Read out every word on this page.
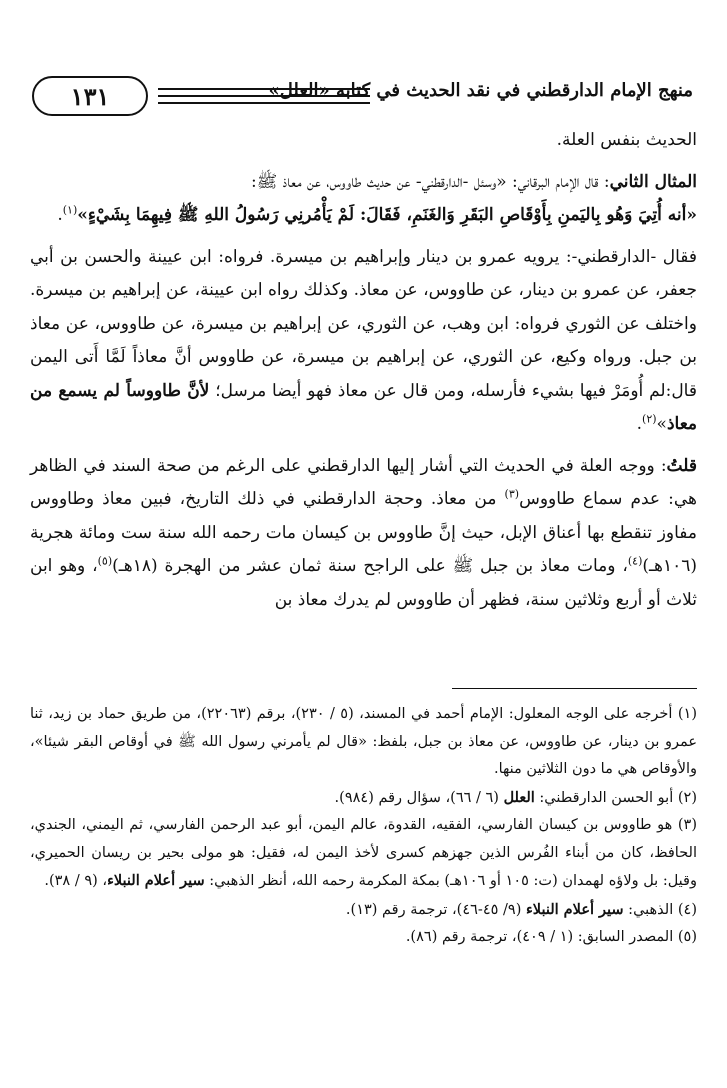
منهج الإمام الدارقطني في نقد الحديث في كتابه «العلل»
١٣١

الحديث بنفس العلة.

المثال الثاني: قال الإمام البرقاني: «وسئل -الدارقطني- عن حديث طاووس، عن معاذ ﷺ:
«أنه أُتِيَ وَهُو بِاليَمنِ بِأَوْقَاصِ البَقَرِ وَالغَنَمِ، فَقَالَ: لَمْ يَأْمُرنِي رَسُولُ اللهِ ﷺ فِيهِمَا بِشَيْءٍ»$^{(١)}$.

فقال -الدارقطني-: يرويه عمرو بن دينار وإبراهيم بن ميسرة. فرواه: ابن عيينة والحسن بن أبي جعفر، عن عمرو بن دينار، عن طاووس، عن معاذ. وكذلك رواه ابن عيينة، عن إبراهيم بن ميسرة. واختلف عن الثوري فرواه: ابن وهب، عن الثوري، عن إبراهيم بن ميسرة، عن طاووس، عن معاذ بن جبل. ورواه وكيع، عن الثوري، عن إبراهيم بن ميسرة، عن طاووس أنَّ معاذاً لَمَّا أَتى اليمن قال:لم أُومَرْ فيها بشيء فأرسله، ومن قال عن معاذ فهو أيضا مرسل؛ لأنَّ طاووساً لم يسمع من معاذ»$^{(٢)}$.

قلتُ: ووجه العلة في الحديث التي أشار إليها الدارقطني على الرغم من صحة السند في الظاهر هي: عدم سماع طاووس$^{(٣)}$ من معاذ. وحجة الدارقطني في ذلك التاريخ، فبين معاذ وطاووس مفاوز تنقطع بها أعناق الإبل، حيث إنَّ طاووس بن كيسان مات رحمه الله سنة ست ومائة هجرية (١٠٦هـ)$^{(٤)}$، ومات معاذ بن جبل ﷺ على الراجح سنة ثمان عشر من الهجرة (١٨هـ)$^{(٥)}$، وهو ابن ثلاث أو أربع وثلاثين سنة، فظهر أن طاووس لم يدرك معاذ بن

(١) أخرجه على الوجه المعلول: الإمام أحمد في المسند، (٥ / ٢٣٠)، برقم (٢٢٠٦٣)، من طريق حماد بن زيد، ثنا عمرو بن دينار، عن طاووس، عن معاذ بن جبل، بلفظ: «قال لم يأمرني رسول الله ﷺ في أوقاص البقر شيئا»، والأوقاص هي ما دون الثلاثين منها.

(٢) أبو الحسن الدارقطني: العلل (٦ / ٦٦)، سؤال رقم (٩٨٤).

(٣) هو طاووس بن كيسان الفارسي، الفقيه، القدوة، عالم اليمن، أبو عبد الرحمن الفارسي، ثم اليمني، الجندي، الحافظ، كان من أبناء الفُرس الذين جهزهم كسرى لأخذ اليمن له، فقيل: هو مولى بحير بن ريسان الحميري، وقيل: بل ولاؤه لهمدان (ت: ١٠٥ أو ١٠٦هـ) بمكة المكرمة رحمه الله، أنظر الذهبي: سير أعلام النبلاء، (٩ / ٣٨).

(٤) الذهبي: سير أعلام النبلاء (٩/ ٤٥-٤٦)، ترجمة رقم (١٣).

(٥) المصدر السابق: (١ / ٤٠٩)، ترجمة رقم (٨٦).
